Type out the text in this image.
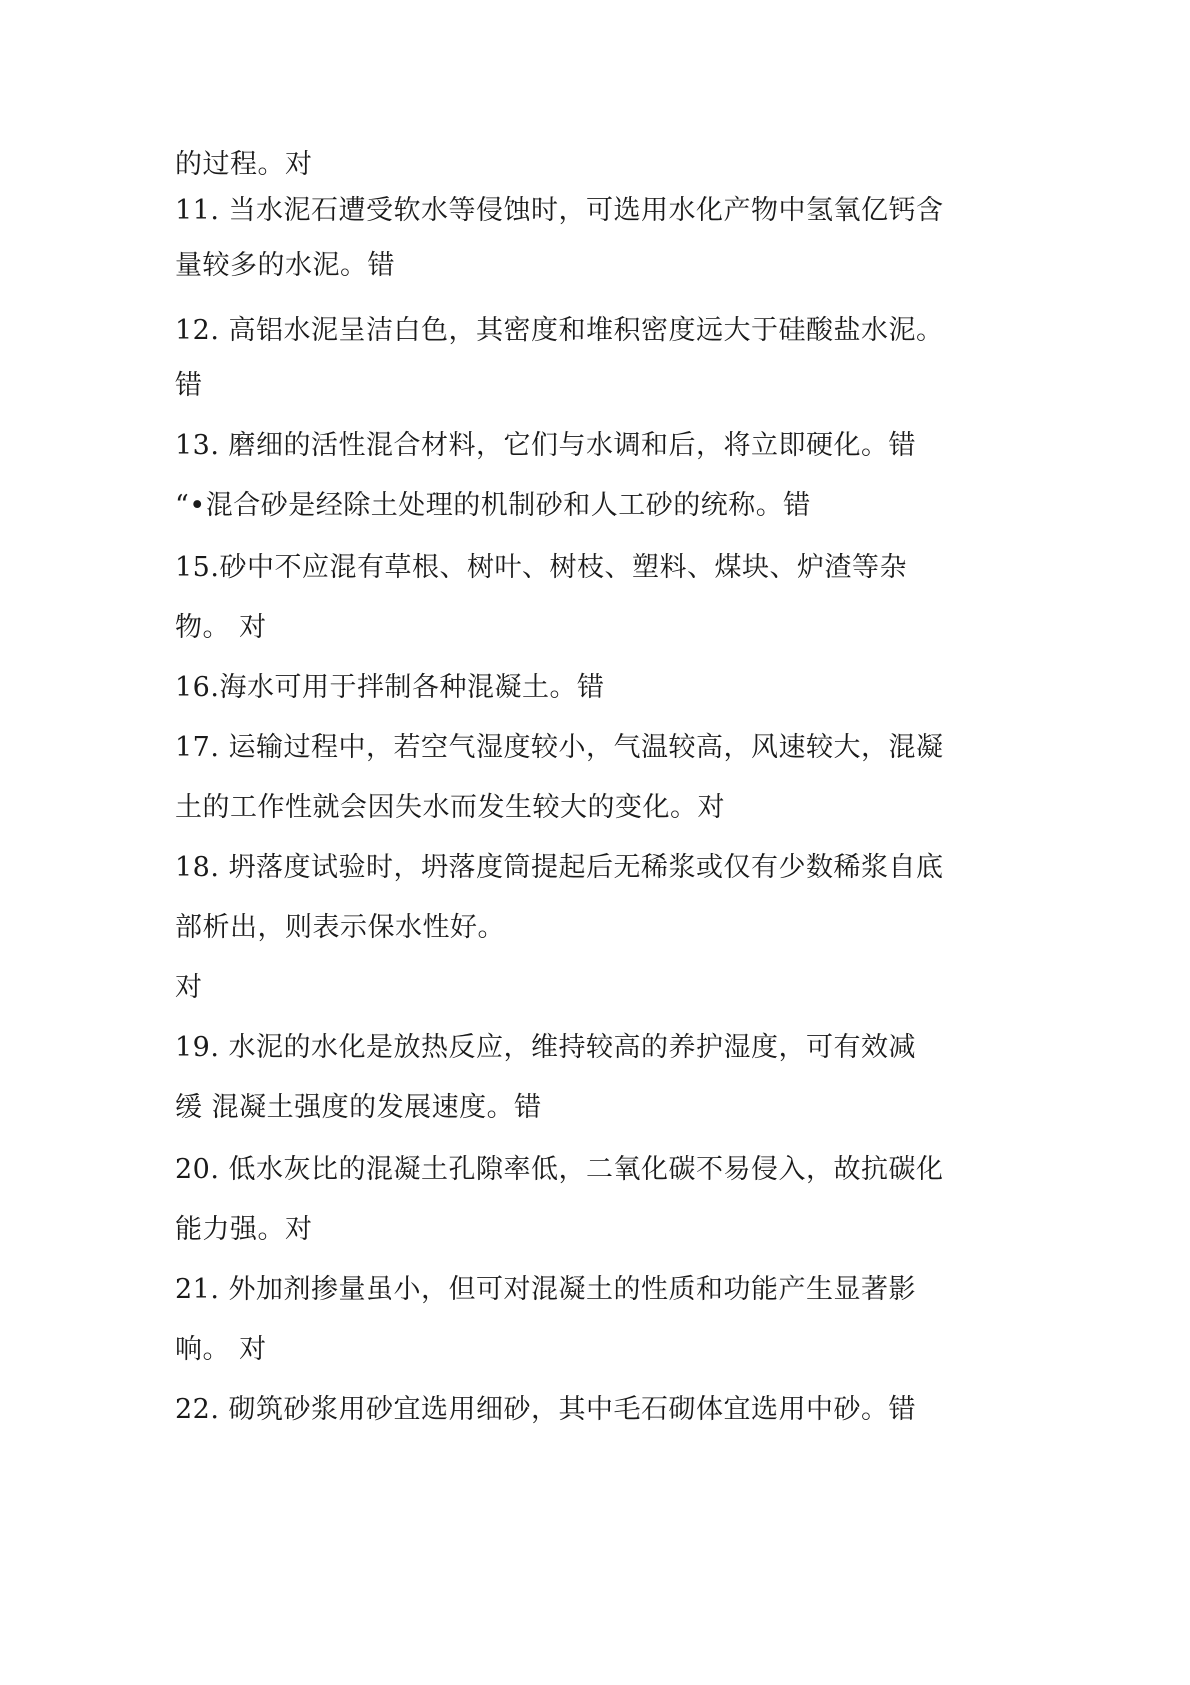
的过程。对
11. 当水泥石遭受软水等侵蚀时，可选用水化产物中氢氧亿钙含
量较多的水泥。错
12. 高铝水泥呈洁白色，其密度和堆积密度远大于硅酸盐水泥。
错
13. 磨细的活性混合材料，它们与水调和后，将立即硬化。错
“•混合砂是经除土处理的机制砂和人工砂的统称。错
15.砂中不应混有草根、树叶、树枝、塑料、煤块、炉渣等杂
物。 对
16.海水可用于拌制各种混凝土。错
17. 运输过程中，若空气湿度较小，气温较高，风速较大，混凝
土的工作性就会因失水而发生较大的变化。对
18. 坍落度试验时，坍落度筒提起后无稀浆或仅有少数稀浆自底
部析出，则表示保水性好。
对
19. 水泥的水化是放热反应，维持较高的养护湿度，可有效减
缓 混凝土强度的发展速度。错
20. 低水灰比的混凝土孔隙率低，二氧化碳不易侵入，故抗碳化
能力强。对
21. 外加剂掺量虽小，但可对混凝土的性质和功能产生显著影
响。 对
22. 砌筑砂浆用砂宜选用细砂，其中毛石砌体宜选用中砂。错
